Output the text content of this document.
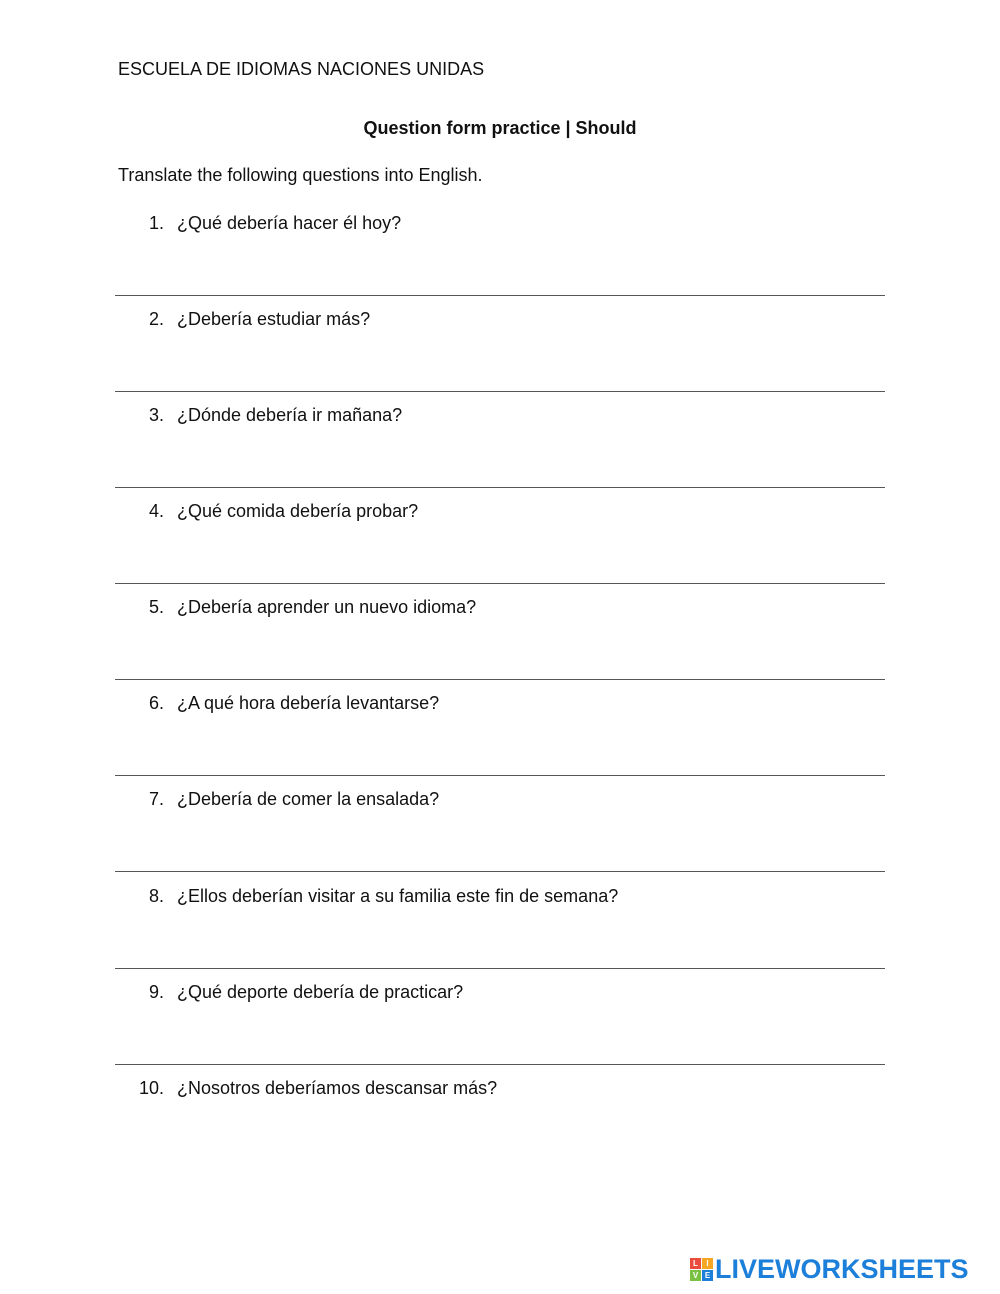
ESCUELA DE IDIOMAS NACIONES UNIDAS
Question form practice | Should
Translate the following questions into English.
1. ¿Qué debería hacer él hoy?
2. ¿Debería estudiar más?
3. ¿Dónde debería ir mañana?
4. ¿Qué comida debería probar?
5. ¿Debería aprender un nuevo idioma?
6. ¿A qué hora debería levantarse?
7. ¿Debería de comer la ensalada?
8. ¿Ellos deberían visitar a su familia este fin de semana?
9. ¿Qué deporte debería de practicar?
10. ¿Nosotros deberíamos descansar más?
L	I
V E LIVEWORKSHEETS
